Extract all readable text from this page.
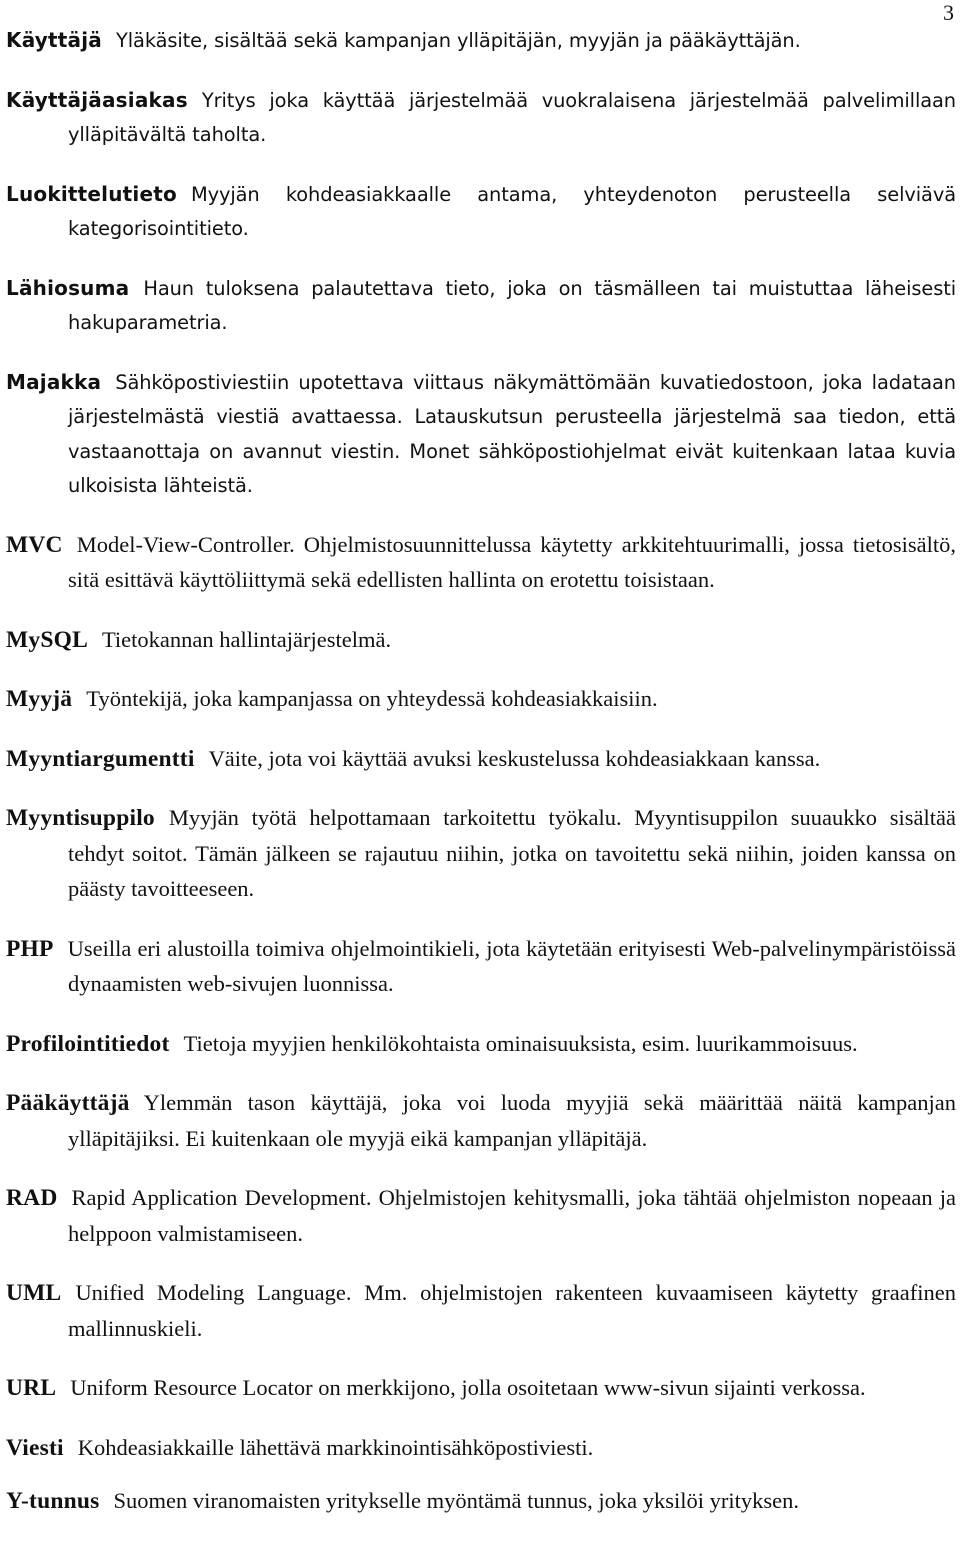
3

Käyttäjä Yläkäsite, sisältää sekä kampanjan ylläpitäjän, myyjän ja pääkäyttäjän.

Käyttäjäasiakas Yritys joka käyttää järjestelmää vuokralaisena järjestelmää palvelimillaan ylläpitävältä taholta.

Luokittelutieto Myyjän kohdeasiakkaalle antama, yhteydenoton perusteella selviävä kategorisointitieto.

Lähiosuma Haun tuloksena palautettava tieto, joka on täsmälleen tai muistuttaa läheisesti hakuparametria.

Majakka Sähköpostiviestiin upotettava viittaus näkymättömään kuvatiedostoon, joka ladataan järjestelmästä viestiä avattaessa. Latauskutsun perusteella järjestelmä saa tiedon, että vastaanottaja on avannut viestin. Monet sähköpostiohjelmat eivät kuitenkaan lataa kuvia ulkoisista lähteistä.

MVC Model-View-Controller. Ohjelmistosuunnittelussa käytetty arkkitehtuurimalli, jossa tietosisältö, sitä esittävä käyttöliittymä sekä edellisten hallinta on erotettu toisistaan.

MySQL Tietokannan hallintajärjestelmä.

Myyjä Työntekijä, joka kampanjassa on yhteydessä kohdeasiakkaisiin.

Myyntiargumentti Väite, jota voi käyttää avuksi keskustelussa kohdeasiakkaan kanssa.

Myyntisuppilo Myyjän työtä helpottamaan tarkoitettu työkalu. Myyntisuppilon suuaukko sisältää tehdyt soitot. Tämän jälkeen se rajautuu niihin, jotka on tavoitettu sekä niihin, joiden kanssa on päästy tavoitteeseen.

PHP Useilla eri alustoilla toimiva ohjelmointikieli, jota käytetään erityisesti Web-palvelinympäristöissä dynaamisten web-sivujen luonnissa.

Profilointitiedot Tietoja myyjien henkilökohtaista ominaisuuksista, esim. luurikammoisuus.

Pääkäyttäjä Ylemmän tason käyttäjä, joka voi luoda myyjiä sekä määrittää näitä kampanjan ylläpitäjiksi. Ei kuitenkaan ole myyjä eikä kampanjan ylläpitäjä.

RAD Rapid Application Development. Ohjelmistojen kehitysmalli, joka tähtää ohjelmiston nopeaan ja helppoon valmistamiseen.

UML Unified Modeling Language. Mm. ohjelmistojen rakenteen kuvaamiseen käytetty graafinen mallinnuskieli.

URL Uniform Resource Locator on merkkijono, jolla osoitetaan www-sivun sijainti verkossa.

Viesti Kohdeasiakkaille lähettävä markkinointisähköpostiviesti.

Y-tunnus Suomen viranomaisten yritykselle myöntämä tunnus, joka yksilöi yrityksen.
